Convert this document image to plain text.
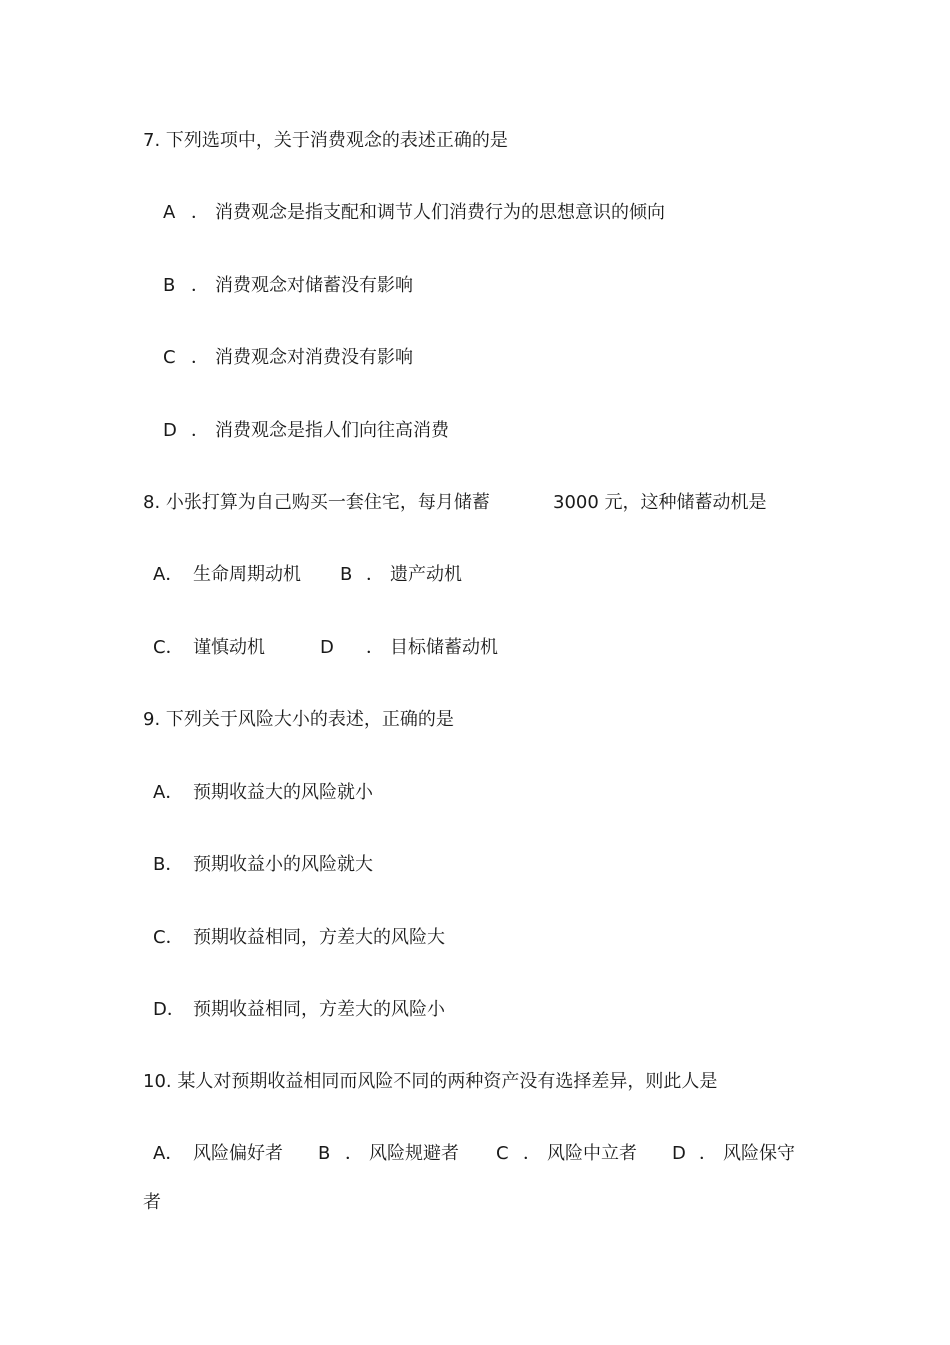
7. 下列选项中，关于消费观念的表述正确的是
A ． 消费观念是指支配和调节人们消费行为的思想意识的倾向
B ． 消费观念对储蓄没有影响
C ． 消费观念对消费没有影响
D ． 消费观念是指人们向往高消费
8. 小张打算为自己购买一套住宅，每月储蓄	3000 元，这种储蓄动机是
A． 生命周期动机 B ． 遗产动机
C． 谨慎动机	D ． 目标储蓄动机
9. 下列关于风险大小的表述，正确的是
A． 预期收益大的风险就小
B． 预期收益小的风险就大
C． 预期收益相同，方差大的风险大
D． 预期收益相同，方差大的风险小
10. 某人对预期收益相同而风险不同的两种资产没有选择差异，则此人是
A． 风险偏好者 B ． 风险规避者 C ． 风险中立者 D ． 风险保守
者
